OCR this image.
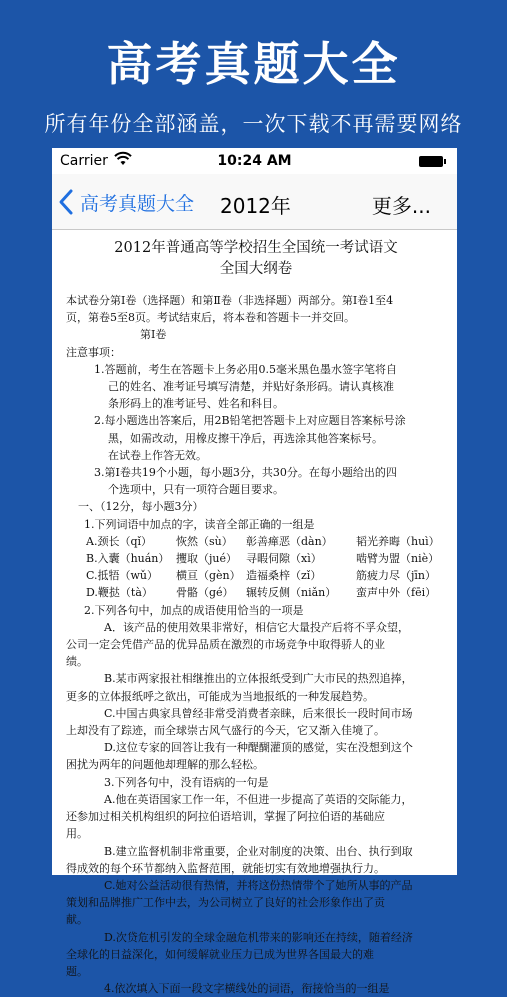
高考真题大全
所有年份全部涵盖，一次下载不再需要网络
Carrier	10:24 AM
高考真题大全 2012年	更多...
2012年普通高等学校招生全国统一考试语文
全国大纲卷

本试卷分第Ⅰ卷（选择题）和第Ⅱ卷（非选择题）两部分。第Ⅰ卷1至4

页，第卷5至8页。考试结束后，将本卷和答题卡一并交回。

第Ⅰ卷

注意事项：

1.答题前，考生在答题卡上务必用0.5毫米黑色墨水签字笔将自

己的姓名、准考证号填写清楚，并贴好条形码。请认真核准

条形码上的准考证号、姓名和科目。

2.每小题选出答案后，用2B铅笔把答题卡上对应题目答案标号涂

黑，如需改动，用橡皮擦干净后，再选涂其他答案标号。

在试卷上作答无效。

3.第Ⅰ卷共19个小题，每小题3分，共30分。在每小题给出的四

个选项中，只有一项符合题目要求。

一、（12分，每小题3分）

1.下列词语中加点的字，读音全部正确的一组是

A.颈长（qǐ）	恢然（sù）	彰善瘅恶（dàn）	韬光养晦（huì）

B.入囊（huán） 攫取（jué） 寻暇伺隙（xì）	啮臂为盟（niè）

C.抵牾（wǔ）	横亘（gèn） 造福桑梓（zǐ）	筋疲力尽（jīn）

D.鞭挞（tà）	骨骼（gé）	辗转反侧（niǎn）	蛮声中外（fēi）

2.下列各句中，加点的成语使用恰当的一项是

A．该产品的使用效果非常好，相信它大量投产后将不孚众望，

公司一定会凭借产品的优异品质在激烈的市场竞争中取得骄人的业

绩。

B.某市两家报社相继推出的立体报纸受到广大市民的热烈追捧，

更多的立体报纸呼之欲出，可能成为当地报纸的一种发展趋势。

C.中国古典家具曾经非常受消费者亲睐，后来很长一段时间市场

上却没有了踪迹，而全球崇古风气盛行的今天，它又渐入佳境了。

D.这位专家的回答让我有一种醍醐灌顶的感觉，实在没想到这个

困扰为两年的问题他却理解的那么轻松。

3.下列各句中，没有语病的一句是

A.他在英语国家工作一年，不但进一步提高了英语的交际能力，

还参加过相关机构组织的阿拉伯语培训，掌握了阿拉伯语的基础应

用。

B.建立监督机制非常重要，企业对制度的决策、出台、执行到取

得成效的每个环节都纳入监督范围，就能切实有效地增强执行力。

C.她对公益活动很有热情，并将这份热情带个了她所从事的产品

策划和品牌推广工作中去，为公司树立了良好的社会形象作出了贡

献。

D.次贷危机引发的全球金融危机带来的影响还在持续，随着经济

全球化的日益深化，如何缓解就业压力已成为世界各国最大的难

题。

4.依次填入下面一段文字横线处的词语，衔接恰当的一组是
